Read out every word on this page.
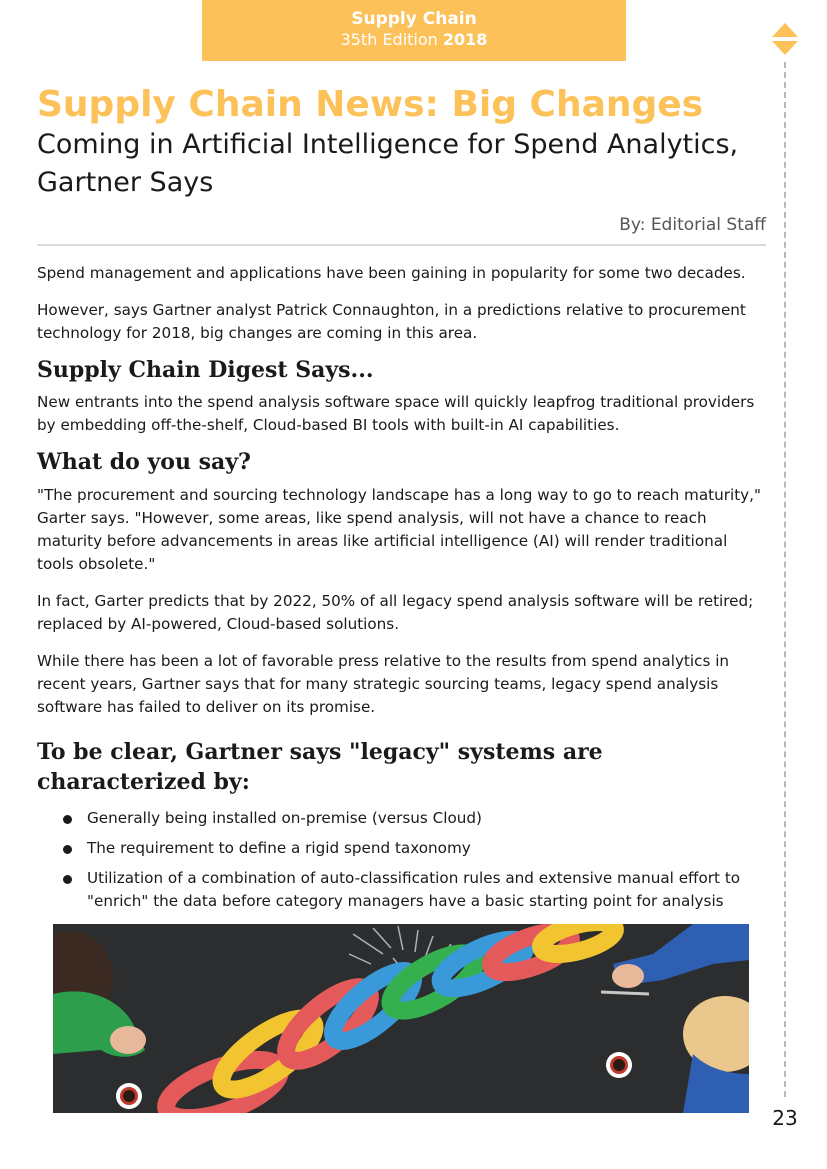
Supply Chain
35th Edition 2018
Supply Chain News: Big Changes
Coming in Artificial Intelligence for Spend Analytics, Gartner Says
By: Editorial Staff

Spend management and applications have been gaining in popularity for some two decades.

However, says Gartner analyst Patrick Connaughton, in a predictions relative to procurement technology for 2018, big changes are coming in this area.

Supply Chain Digest Says...

New entrants into the spend analysis software space will quickly leapfrog traditional providers by embedding off-the-shelf, Cloud-based BI tools with built-in AI capabilities.

What do you say?

"The procurement and sourcing technology landscape has a long way to go to reach maturity," Garter says. "However, some areas, like spend analysis, will not have a chance to reach maturity before advancements in areas like artificial intelligence (AI) will render traditional tools obsolete."

In fact, Garter predicts that by 2022, 50% of all legacy spend analysis software will be retired; replaced by AI-powered, Cloud-based solutions.

While there has been a lot of favorable press relative to the results from spend analytics in recent years, Gartner says that for many strategic sourcing teams, legacy spend analysis software has failed to deliver on its promise.

To be clear, Gartner says "legacy" systems are characterized by:
Generally being installed on-premise (versus Cloud)
The requirement to define a rigid spend taxonomy
Utilization of a combination of auto-classification rules and extensive manual effort to "enrich" the data before category managers have a basic starting point for analysis
23
